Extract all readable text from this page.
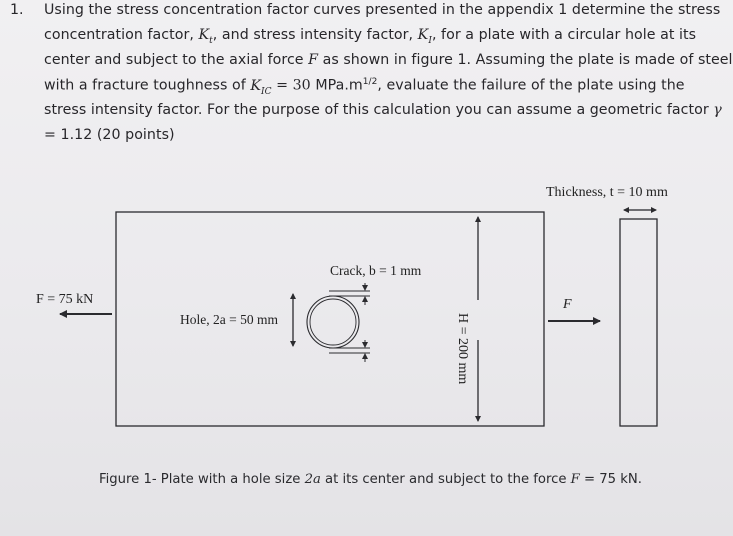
1. Using the stress concentration factor curves presented in the appendix 1 determine the stress
concentration factor, $K_t$, and stress intensity factor, $K_I$, for a plate with a circular hole at its
center and subject to the axial force F as shown in figure 1. Assuming the plate is made of steel
with a fracture toughness of $K_{IC} = 30$ $MPa.m^{1/2}$, evaluate the failure of the plate using the
stress intensity factor. For the purpose of this calculation you can assume a geometric factor γ
= 1.12 (20 points)
F = 75 kN
Hole, 2a = 50 mm
Crack, b = 1 mm
H = 200 mm
Thickness, t = 10 mm
F
Figure 1- Plate with a hole size 2a at its center and subject to the force F = 75 kN.
